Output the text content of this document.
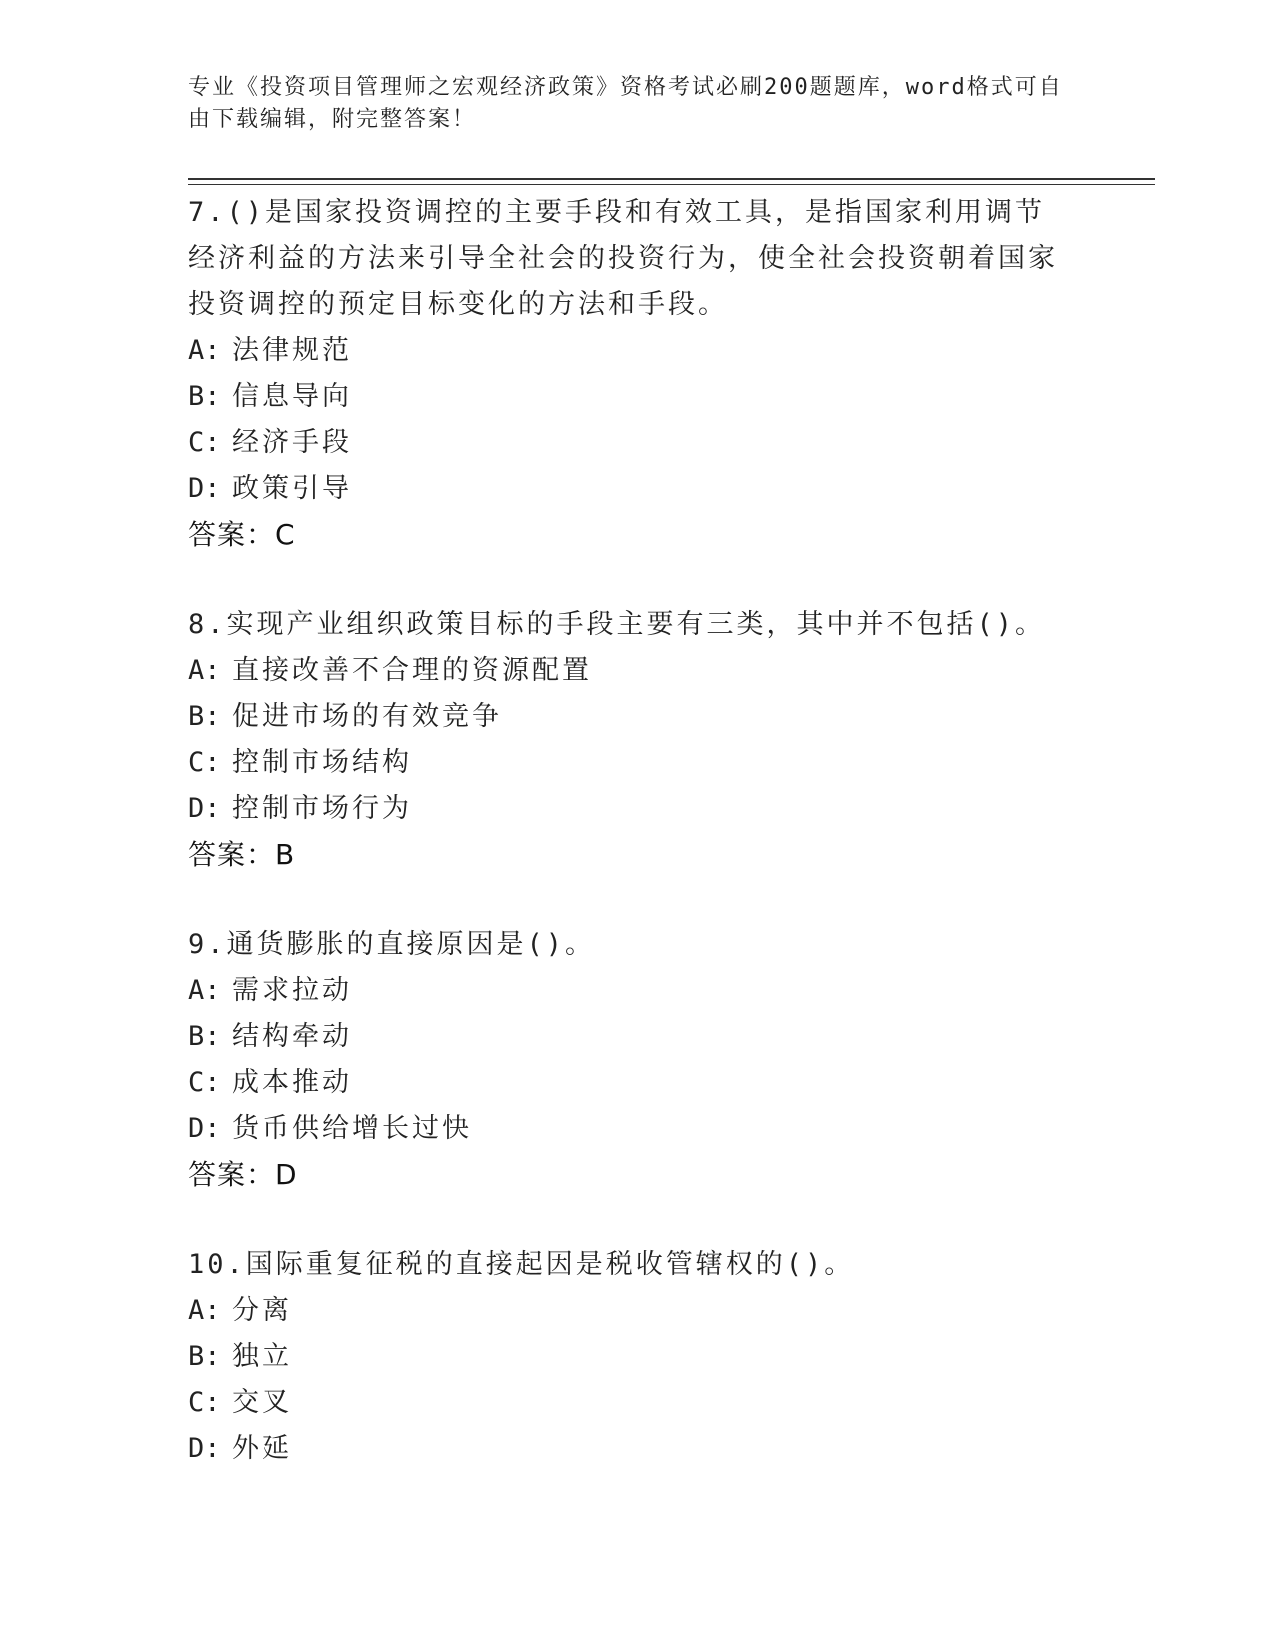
专业《投资项目管理师之宏观经济政策》资格考试必刷200题题库，word格式可自由下载编辑，附完整答案！
7.()是国家投资调控的主要手段和有效工具，是指国家利用调节经济利益的方法来引导全社会的投资行为，使全社会投资朝着国家投资调控的预定目标变化的方法和手段。
A: 法律规范
B: 信息导向
C: 经济手段
D: 政策引导
答案：C
8.实现产业组织政策目标的手段主要有三类，其中并不包括()。
A: 直接改善不合理的资源配置
B: 促进市场的有效竞争
C: 控制市场结构
D: 控制市场行为
答案：B
9.通货膨胀的直接原因是()。
A: 需求拉动
B: 结构牵动
C: 成本推动
D: 货币供给增长过快
答案：D
10.国际重复征税的直接起因是税收管辖权的()。
A: 分离
B: 独立
C: 交叉
D: 外延
